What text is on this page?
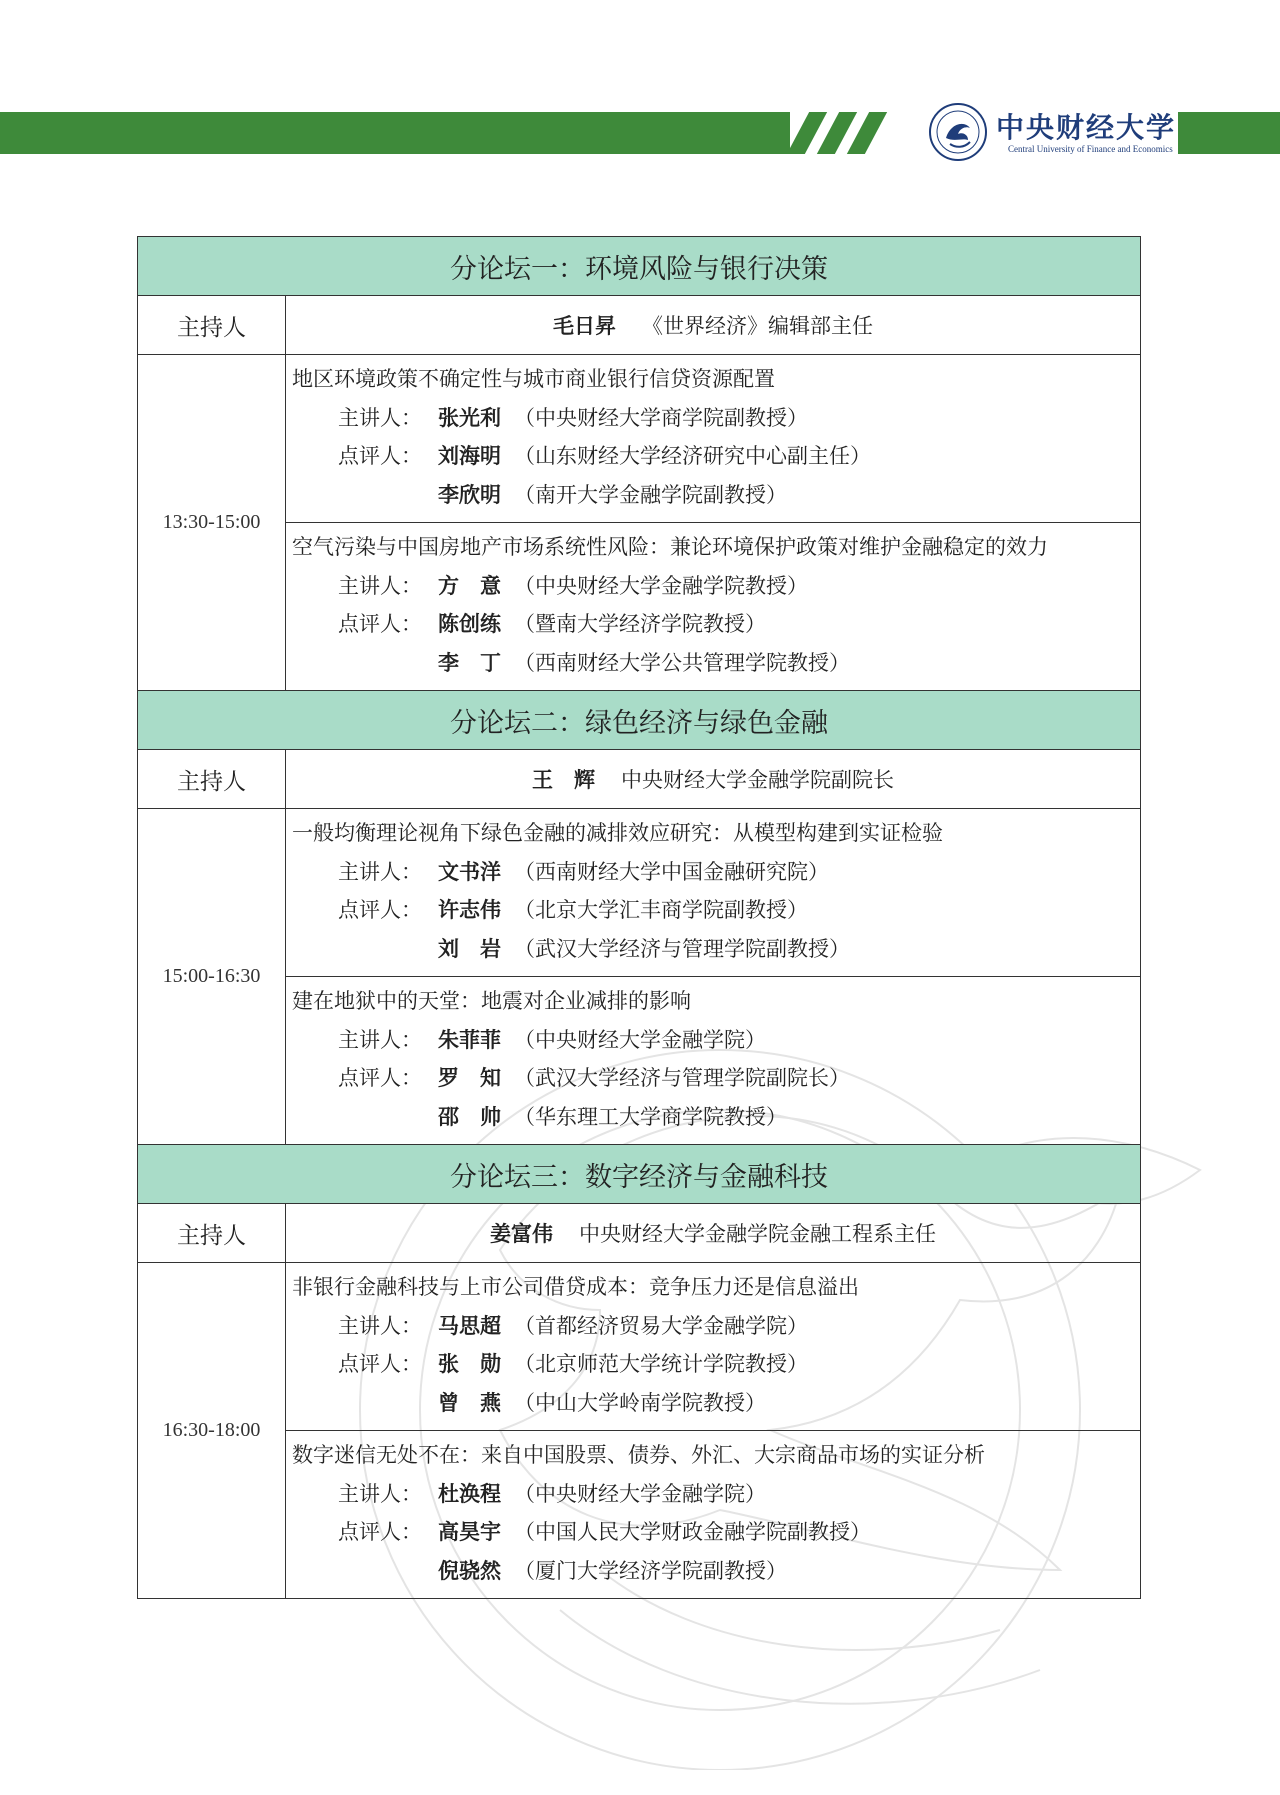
中央财经大学
Central University of Finance and Economics
分论坛一：环境风险与银行决策	
主持人	毛日昇 《世界经济》编辑部主任
13:30-15:00	地区环境政策不确定性与城市商业银行信贷资源配置
主讲人： 张光利 （中央财经大学商学院副教授）
点评人： 刘海明 （山东财经大学经济研究中心副主任）
李欣明 （南开大学金融学院副教授）

	空气污染与中国房地产市场系统性风险：兼论环境保护政策对维护金融稳定的效力
主讲人： 方　意 （中央财经大学金融学院教授）
点评人： 陈创练 （暨南大学经济学院教授）
李　丁 （西南财经大学公共管理学院教授）

分论坛二：绿色经济与绿色金融	
主持人	王　辉 中央财经大学金融学院副院长
15:00-16:30	一般均衡理论视角下绿色金融的减排效应研究：从模型构建到实证检验
主讲人： 文书洋 （西南财经大学中国金融研究院）
点评人： 许志伟 （北京大学汇丰商学院副教授）
刘　岩 （武汉大学经济与管理学院副教授）

	建在地狱中的天堂：地震对企业减排的影响
主讲人： 朱菲菲 （中央财经大学金融学院）
点评人： 罗　知 （武汉大学经济与管理学院副院长）
邵　帅 （华东理工大学商学院教授）

分论坛三：数字经济与金融科技	
主持人	姜富伟 中央财经大学金融学院金融工程系主任
16:30-18:00	非银行金融科技与上市公司借贷成本：竞争压力还是信息溢出
主讲人： 马思超 （首都经济贸易大学金融学院）
点评人： 张　勋 （北京师范大学统计学院教授）
曾　燕 （中山大学岭南学院教授）

	数字迷信无处不在：来自中国股票、债券、外汇、大宗商品市场的实证分析
主讲人： 杜涣程 （中央财经大学金融学院）
点评人： 高昊宇 （中国人民大学财政金融学院副教授）
倪骁然 （厦门大学经济学院副教授）
